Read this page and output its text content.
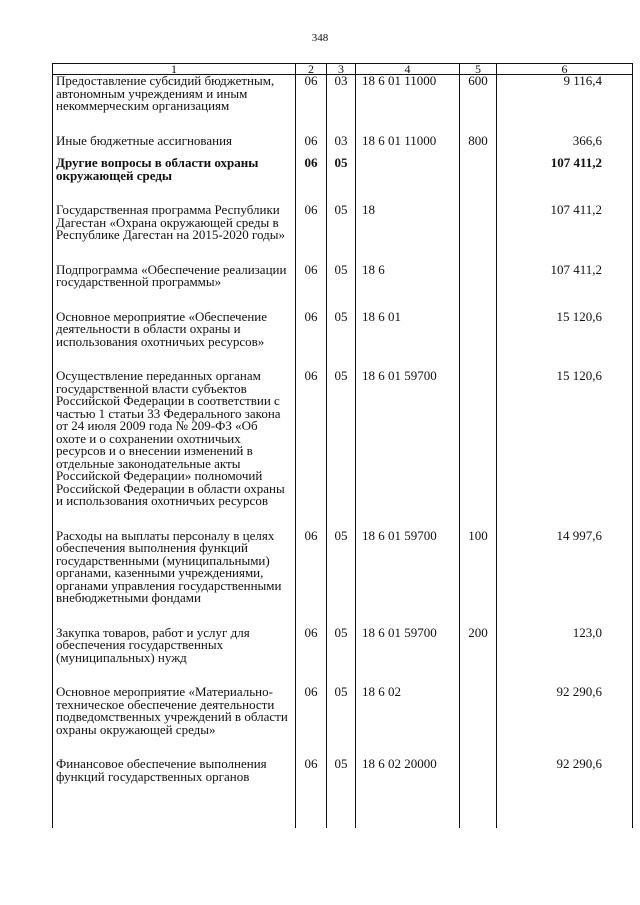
348
1	2	3	4	5	6
Предоставление субсидий бюджетным, автономным учреждениям и иным некоммерческим организациям	06	03	18 6 01 11000	600	9 116,4
Иные бюджетные ассигнования	06	03	18 6 01 11000	800	366,6
Другие вопросы в области охраны окружающей среды	06	05			107 411,2
Государственная программа Республики Дагестан «Охрана окружающей среды в Республике Дагестан на 2015-2020 годы»	06	05	18		107 411,2
Подпрограмма «Обеспечение реализации государственной программы»	06	05	18 6		107 411,2
Основное мероприятие «Обеспечение деятельности в области охраны и использования охотничьих ресурсов»	06	05	18 6 01		15 120,6
Осуществление переданных органам государственной власти субъектов Российской Федерации в соответствии с частью 1 статьи 33 Федерального закона от 24 июля 2009 года № 209-ФЗ «Об охоте и о сохранении охотничьих ресурсов и о внесении изменений в отдельные законодательные акты Российской Федерации» полномочий Российской Федерации в области охраны и использования охотничьих ресурсов	06	05	18 6 01 59700		15 120,6
Расходы на выплаты персоналу в целях обеспечения выполнения функций государственными (муниципальными) органами, казенными учреждениями, органами управления государственными внебюджетными фондами	06	05	18 6 01 59700	100	14 997,6
Закупка товаров, работ и услуг для обеспечения государственных (муниципальных) нужд	06	05	18 6 01 59700	200	123,0
Основное мероприятие «Материально-техническое обеспечение деятельности подведомственных учреждений в области охраны окружающей среды»	06	05	18 6 02		92 290,6
Финансовое обеспечение выполнения функций государственных органов	06	05	18 6 02 20000		92 290,6
